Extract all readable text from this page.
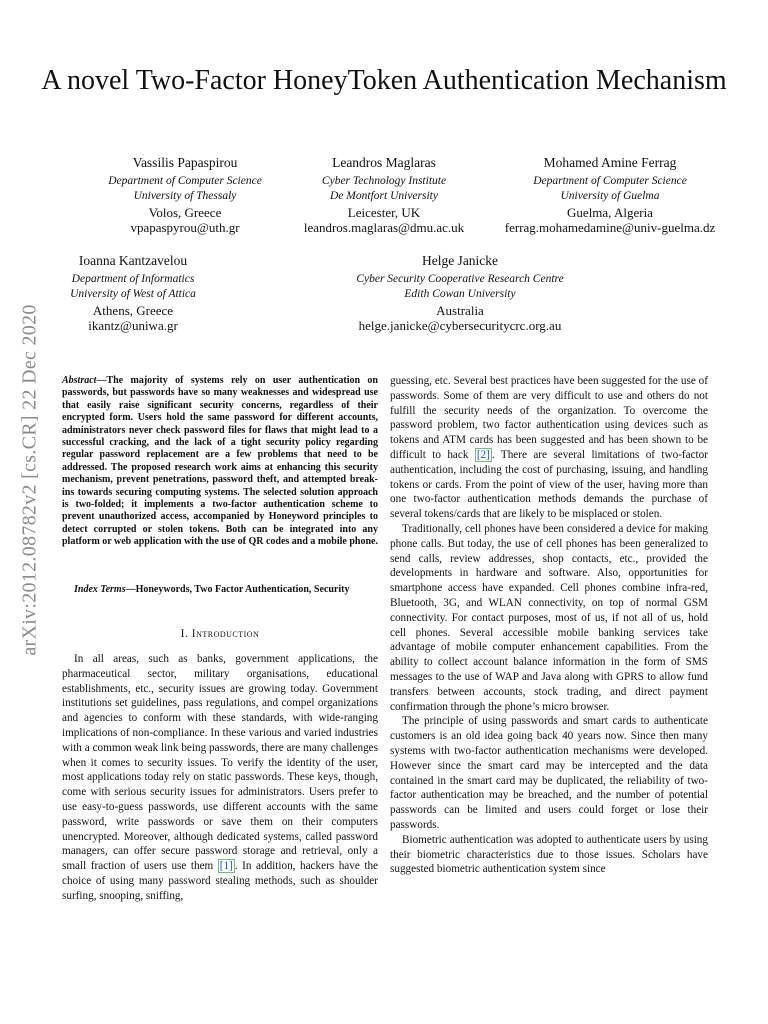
arXiv:2012.08782v2 [cs.CR] 22 Dec 2020
A novel Two-Factor HoneyToken Authentication Mechanism
Vassilis Papaspirou
Department of Computer Science
University of Thessaly
Volos, Greece
vpapaspyrou@uth.gr
Leandros Maglaras
Cyber Technology Institute
De Montfort University
Leicester, UK
leandros.maglaras@dmu.ac.uk
Mohamed Amine Ferrag
Department of Computer Science
University of Guelma
Guelma, Algeria
ferrag.mohamedamine@univ-guelma.dz
Ioanna Kantzavelou
Department of Informatics
University of West of Attica
Athens, Greece
ikantz@uniwa.gr
Helge Janicke
Cyber Security Cooperative Research Centre
Edith Cowan University
Australia
helge.janicke@cybersecuritycrc.org.au
Abstract—The majority of systems rely on user authentication on passwords, but passwords have so many weaknesses and widespread use that easily raise significant security concerns, regardless of their encrypted form. Users hold the same password for different accounts, administrators never check password files for flaws that might lead to a successful cracking, and the lack of a tight security policy regarding regular password replacement are a few problems that need to be addressed. The proposed research work aims at enhancing this security mechanism, prevent penetrations, password theft, and attempted break-ins towards securing computing systems. The selected solution approach is two-folded; it implements a two-factor authentication scheme to prevent unauthorized access, accompanied by Honeyword principles to detect corrupted or stolen tokens. Both can be integrated into any platform or web application with the use of QR codes and a mobile phone.
Index Terms—Honeywords, Two Factor Authentication, Security
I. Introduction
In all areas, such as banks, government applications, the pharmaceutical sector, military organisations, educational establishments, etc., security issues are growing today. Government institutions set guidelines, pass regulations, and compel organizations and agencies to conform with these standards, with wide-ranging implications of non-compliance. In these various and varied industries with a common weak link being passwords, there are many challenges when it comes to security issues. To verify the identity of the user, most applications today rely on static passwords. These keys, though, come with serious security issues for administrators. Users prefer to use easy-to-guess passwords, use different accounts with the same password, write passwords or save them on their computers unencrypted. Moreover, although dedicated systems, called password managers, can offer secure password storage and retrieval, only a small fraction of users use them [1] . In addition, hackers have the choice of using many password stealing methods, such as shoulder surfing, snooping, sniffing,

guessing, etc. Several best practices have been suggested for the use of passwords. Some of them are very difficult to use and others do not fulfill the security needs of the organization. To overcome the password problem, two factor authentication using devices such as tokens and ATM cards has been suggested and has been shown to be difficult to hack [2] . There are several limitations of two-factor authentication, including the cost of purchasing, issuing, and handling tokens or cards. From the point of view of the user, having more than one two-factor authentication methods demands the purchase of several tokens/cards that are likely to be misplaced or stolen.

Traditionally, cell phones have been considered a device for making phone calls. But today, the use of cell phones has been generalized to send calls, review addresses, shop contacts, etc., provided the developments in hardware and software. Also, opportunities for smartphone access have expanded. Cell phones combine infra-red, Bluetooth, 3G, and WLAN connectivity, on top of normal GSM connectivity. For contact purposes, most of us, if not all of us, hold cell phones. Several accessible mobile banking services take advantage of mobile computer enhancement capabilities. From the ability to collect account balance information in the form of SMS messages to the use of WAP and Java along with GPRS to allow fund transfers between accounts, stock trading, and direct payment confirmation through the phone’s micro browser.

The principle of using passwords and smart cards to authenticate customers is an old idea going back 40 years now. Since then many systems with two-factor authentication mechanisms were developed. However since the smart card may be intercepted and the data contained in the smart card may be duplicated, the reliability of two-factor authentication may be breached, and the number of potential passwords can be limited and users could forget or lose their passwords.

Biometric authentication was adopted to authenticate users by using their biometric characteristics due to those issues. Scholars have suggested biometric authentication system since
